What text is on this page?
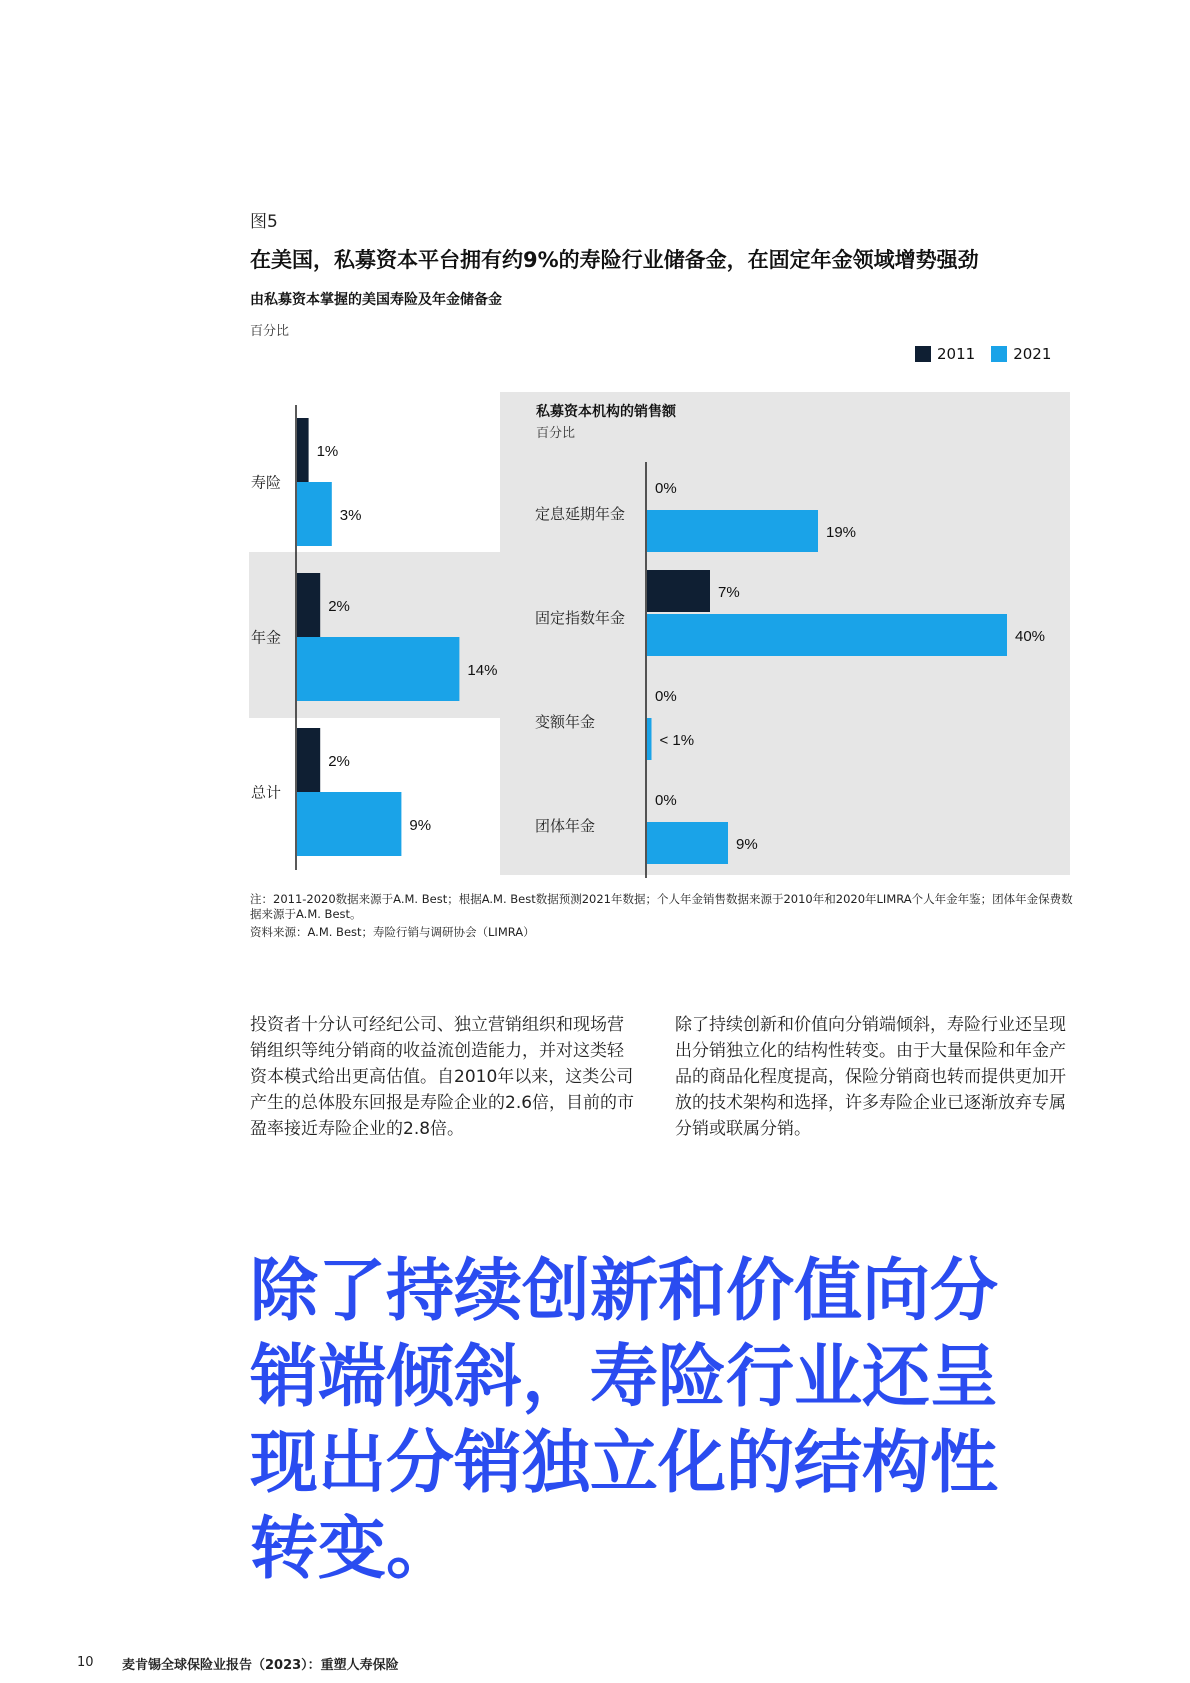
图5
在美国，私募资本平台拥有约9%的寿险行业储备金，在固定年金领域增势强劲
由私募资本掌握的美国寿险及年金储备金
百分比
2011	2021
私募资本机构的销售额
百分比
寿险
1%
3%
年金
2%
14%
总计
2%
9%
定息延期年金
0%
19%
固定指数年金
7%
40%
变额年金
0%
< 1%
团体年金
0%
9%
注：2011-2020数据来源于A.M. Best；根据A.M. Best数据预测2021年数据；个人年金销售数据来源于2010年和2020年LIMRA个人年金年鉴；团体年金保费数据来源于A.M. Best。
资料来源：A.M. Best；寿险行销与调研协会（LIMRA）
投资者十分认可经纪公司、独立营销组织和现场营销组织等纯分销商的收益流创造能力，并对这类轻资本模式给出更高估值。自2010年以来，这类公司产生的总体股东回报是寿险企业的2.6倍，目前的市盈率接近寿险企业的2.8倍。
除了持续创新和价值向分销端倾斜，寿险行业还呈现出分销独立化的结构性转变。由于大量保险和年金产品的商品化程度提高，保险分销商也转而提供更加开放的技术架构和选择，许多寿险企业已逐渐放弃专属分销或联属分销。
除了持续创新和价值向分销端倾斜，寿险行业还呈现出分销独立化的结构性转变。
10 麦肯锡全球保险业报告（2023）：重塑人寿保险
